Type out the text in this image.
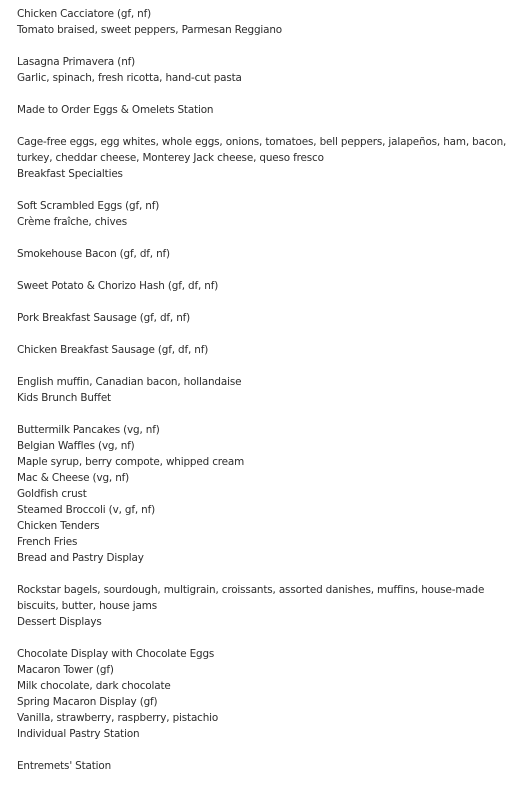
Chicken Cacciatore (gf, nf)
Tomato braised, sweet peppers, Parmesan Reggiano
Lasagna Primavera (nf)
Garlic, spinach, fresh ricotta, hand-cut pasta
Made to Order Eggs & Omelets Station
Cage-free eggs, egg whites, whole eggs, onions, tomatoes, bell peppers, jalapeños, ham, bacon, turkey, cheddar cheese, Monterey Jack cheese, queso fresco
Breakfast Specialties
Soft Scrambled Eggs (gf, nf)
Crème fraîche, chives
Smokehouse Bacon (gf, df, nf)
Sweet Potato & Chorizo Hash (gf, df, nf)
Pork Breakfast Sausage (gf, df, nf)
Chicken Breakfast Sausage (gf, df, nf)
English muffin, Canadian bacon, hollandaise
Kids Brunch Buffet
Buttermilk Pancakes (vg, nf)
Belgian Waffles (vg, nf)
Maple syrup, berry compote, whipped cream
Mac & Cheese (vg, nf)
Goldfish crust
Steamed Broccoli (v, gf, nf)
Chicken Tenders
French Fries
Bread and Pastry Display
Rockstar bagels, sourdough, multigrain, croissants, assorted danishes, muffins, house-made biscuits, butter, house jams
Dessert Displays
Chocolate Display with Chocolate Eggs
Macaron Tower (gf)
Milk chocolate, dark chocolate
Spring Macaron Display (gf)
Vanilla, strawberry, raspberry, pistachio
Individual Pastry Station
Entremets' Station
